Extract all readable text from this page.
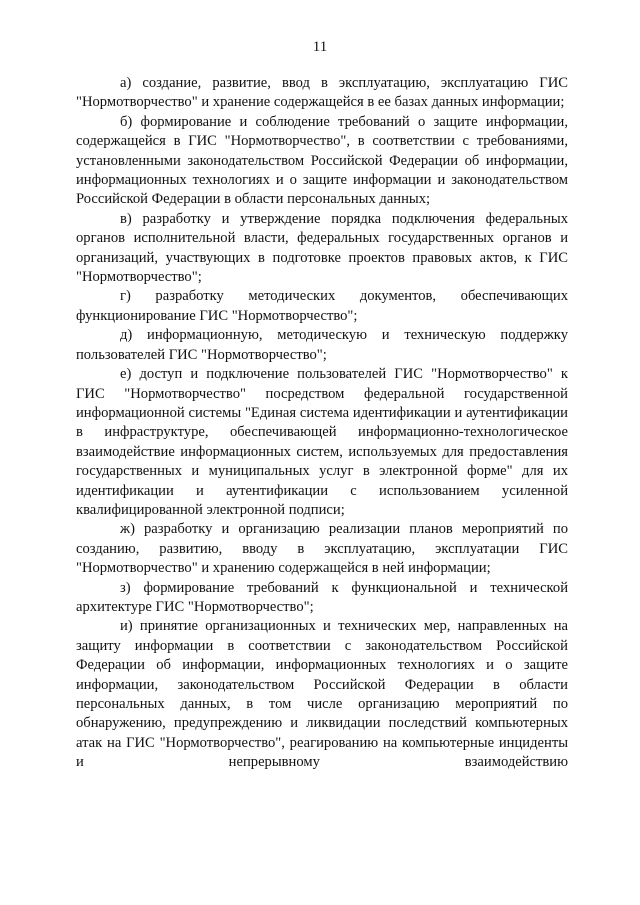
11

а) создание, развитие, ввод в эксплуатацию, эксплуатацию ГИС "Нормотворчество" и хранение содержащейся в ее базах данных информации;

б) формирование и соблюдение требований о защите информации, содержащейся в ГИС "Нормотворчество", в соответствии с требованиями, установленными законодательством Российской Федерации об информации, информационных технологиях и о защите информации и законодательством Российской Федерации в области персональных данных;

в) разработку и утверждение порядка подключения федеральных органов исполнительной власти, федеральных государственных органов и организаций, участвующих в подготовке проектов правовых актов, к ГИС "Нормотворчество";

г) разработку методических документов, обеспечивающих функционирование ГИС "Нормотворчество";

д) информационную, методическую и техническую поддержку пользователей ГИС "Нормотворчество";

е) доступ и подключение пользователей ГИС "Нормотворчество" к ГИС "Нормотворчество" посредством федеральной государственной информационной системы "Единая система идентификации и аутентификации в инфраструктуре, обеспечивающей информационно-технологическое взаимодействие информационных систем, используемых для предоставления государственных и муниципальных услуг в электронной форме" для их идентификации и аутентификации с использованием усиленной квалифицированной электронной подписи;

ж) разработку и организацию реализации планов мероприятий по созданию, развитию, вводу в эксплуатацию, эксплуатации ГИС "Нормотворчество" и хранению содержащейся в ней информации;

з) формирование требований к функциональной и технической архитектуре ГИС "Нормотворчество";

и) принятие организационных и технических мер, направленных на защиту информации в соответствии с законодательством Российской Федерации об информации, информационных технологиях и о защите информации, законодательством Российской Федерации в области персональных данных, в том числе организацию мероприятий по обнаружению, предупреждению и ликвидации последствий компьютерных атак на ГИС "Нормотворчество", реагированию на компьютерные инциденты и непрерывному взаимодействию
